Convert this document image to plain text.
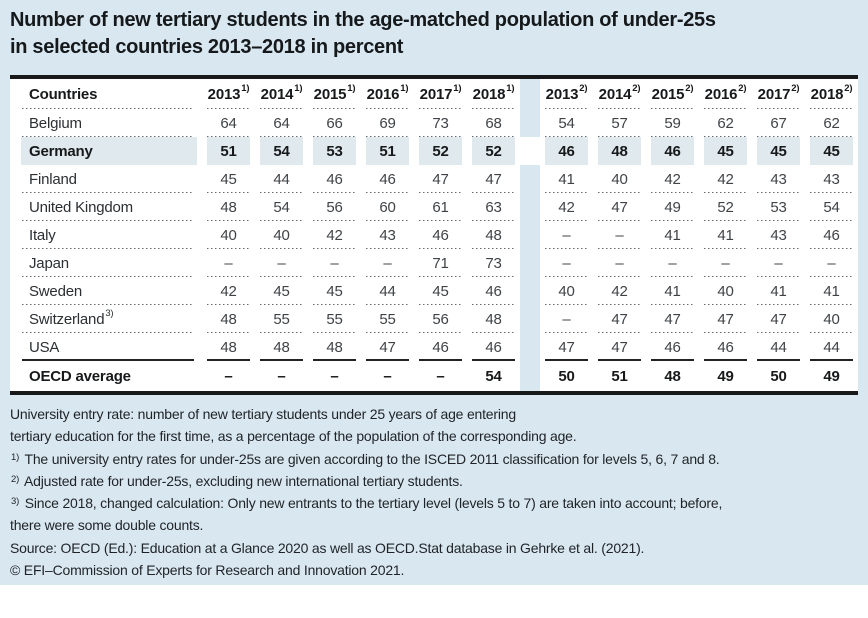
Number of new tertiary students in the age-matched population of under-25s
in selected countries 2013–2018 in percent
Countries	2013 1) 2014 1) 2015 1) 2016 1) 2017 1) 2018 1) 2013 2) 2014 2) 2015 2) 2016 2) 2017 2) 2018 2)
Belgium	64 64 66 69 73 68	54 57 59 62 67 62
Germany	51 54 53 51 52 52	46 48 46 45 45 45
Finland	45 44 46 46 47 47	41 40 42 42 43 43
United Kingdom	48 54 56 60 61 63	42 47 49 52 53 54
Italy	40 40 42 43 46 48	–	–	41 41 43 46
Japan	–	–	–	–	71 73	–	–	–	–	–	–
Sweden	42 45 45 44 45 46	40 42 41 40 41 41
Switzerland 3)	48 55 55 55 56 48	–	47 47 47 47 40
USA	48 48 48 47 46 46	47 47 46 46 44 44
OECD average	–	–	–	–	–	54	50 51 48 49 50 49
University entry rate: number of new tertiary students under 25 years of age entering
tertiary education for the first time, as a percentage of the population of the corresponding age.
$^{1)}$ The university entry rates for under-25s are given according to the ISCED 2011 classification for levels 5, 6, 7 and 8.
$^{2)}$ Adjusted rate for under-25s, excluding new international tertiary students.
$^{3)}$ Since 2018, changed calculation: Only new entrants to the tertiary level (levels 5 to 7) are taken into account; before,
there were some double counts.
Source: OECD (Ed.): Education at a Glance 2020 as well as OECD.Stat database in Gehrke et al. (2021).
© EFI–Commission of Experts for Research and Innovation 2021.
